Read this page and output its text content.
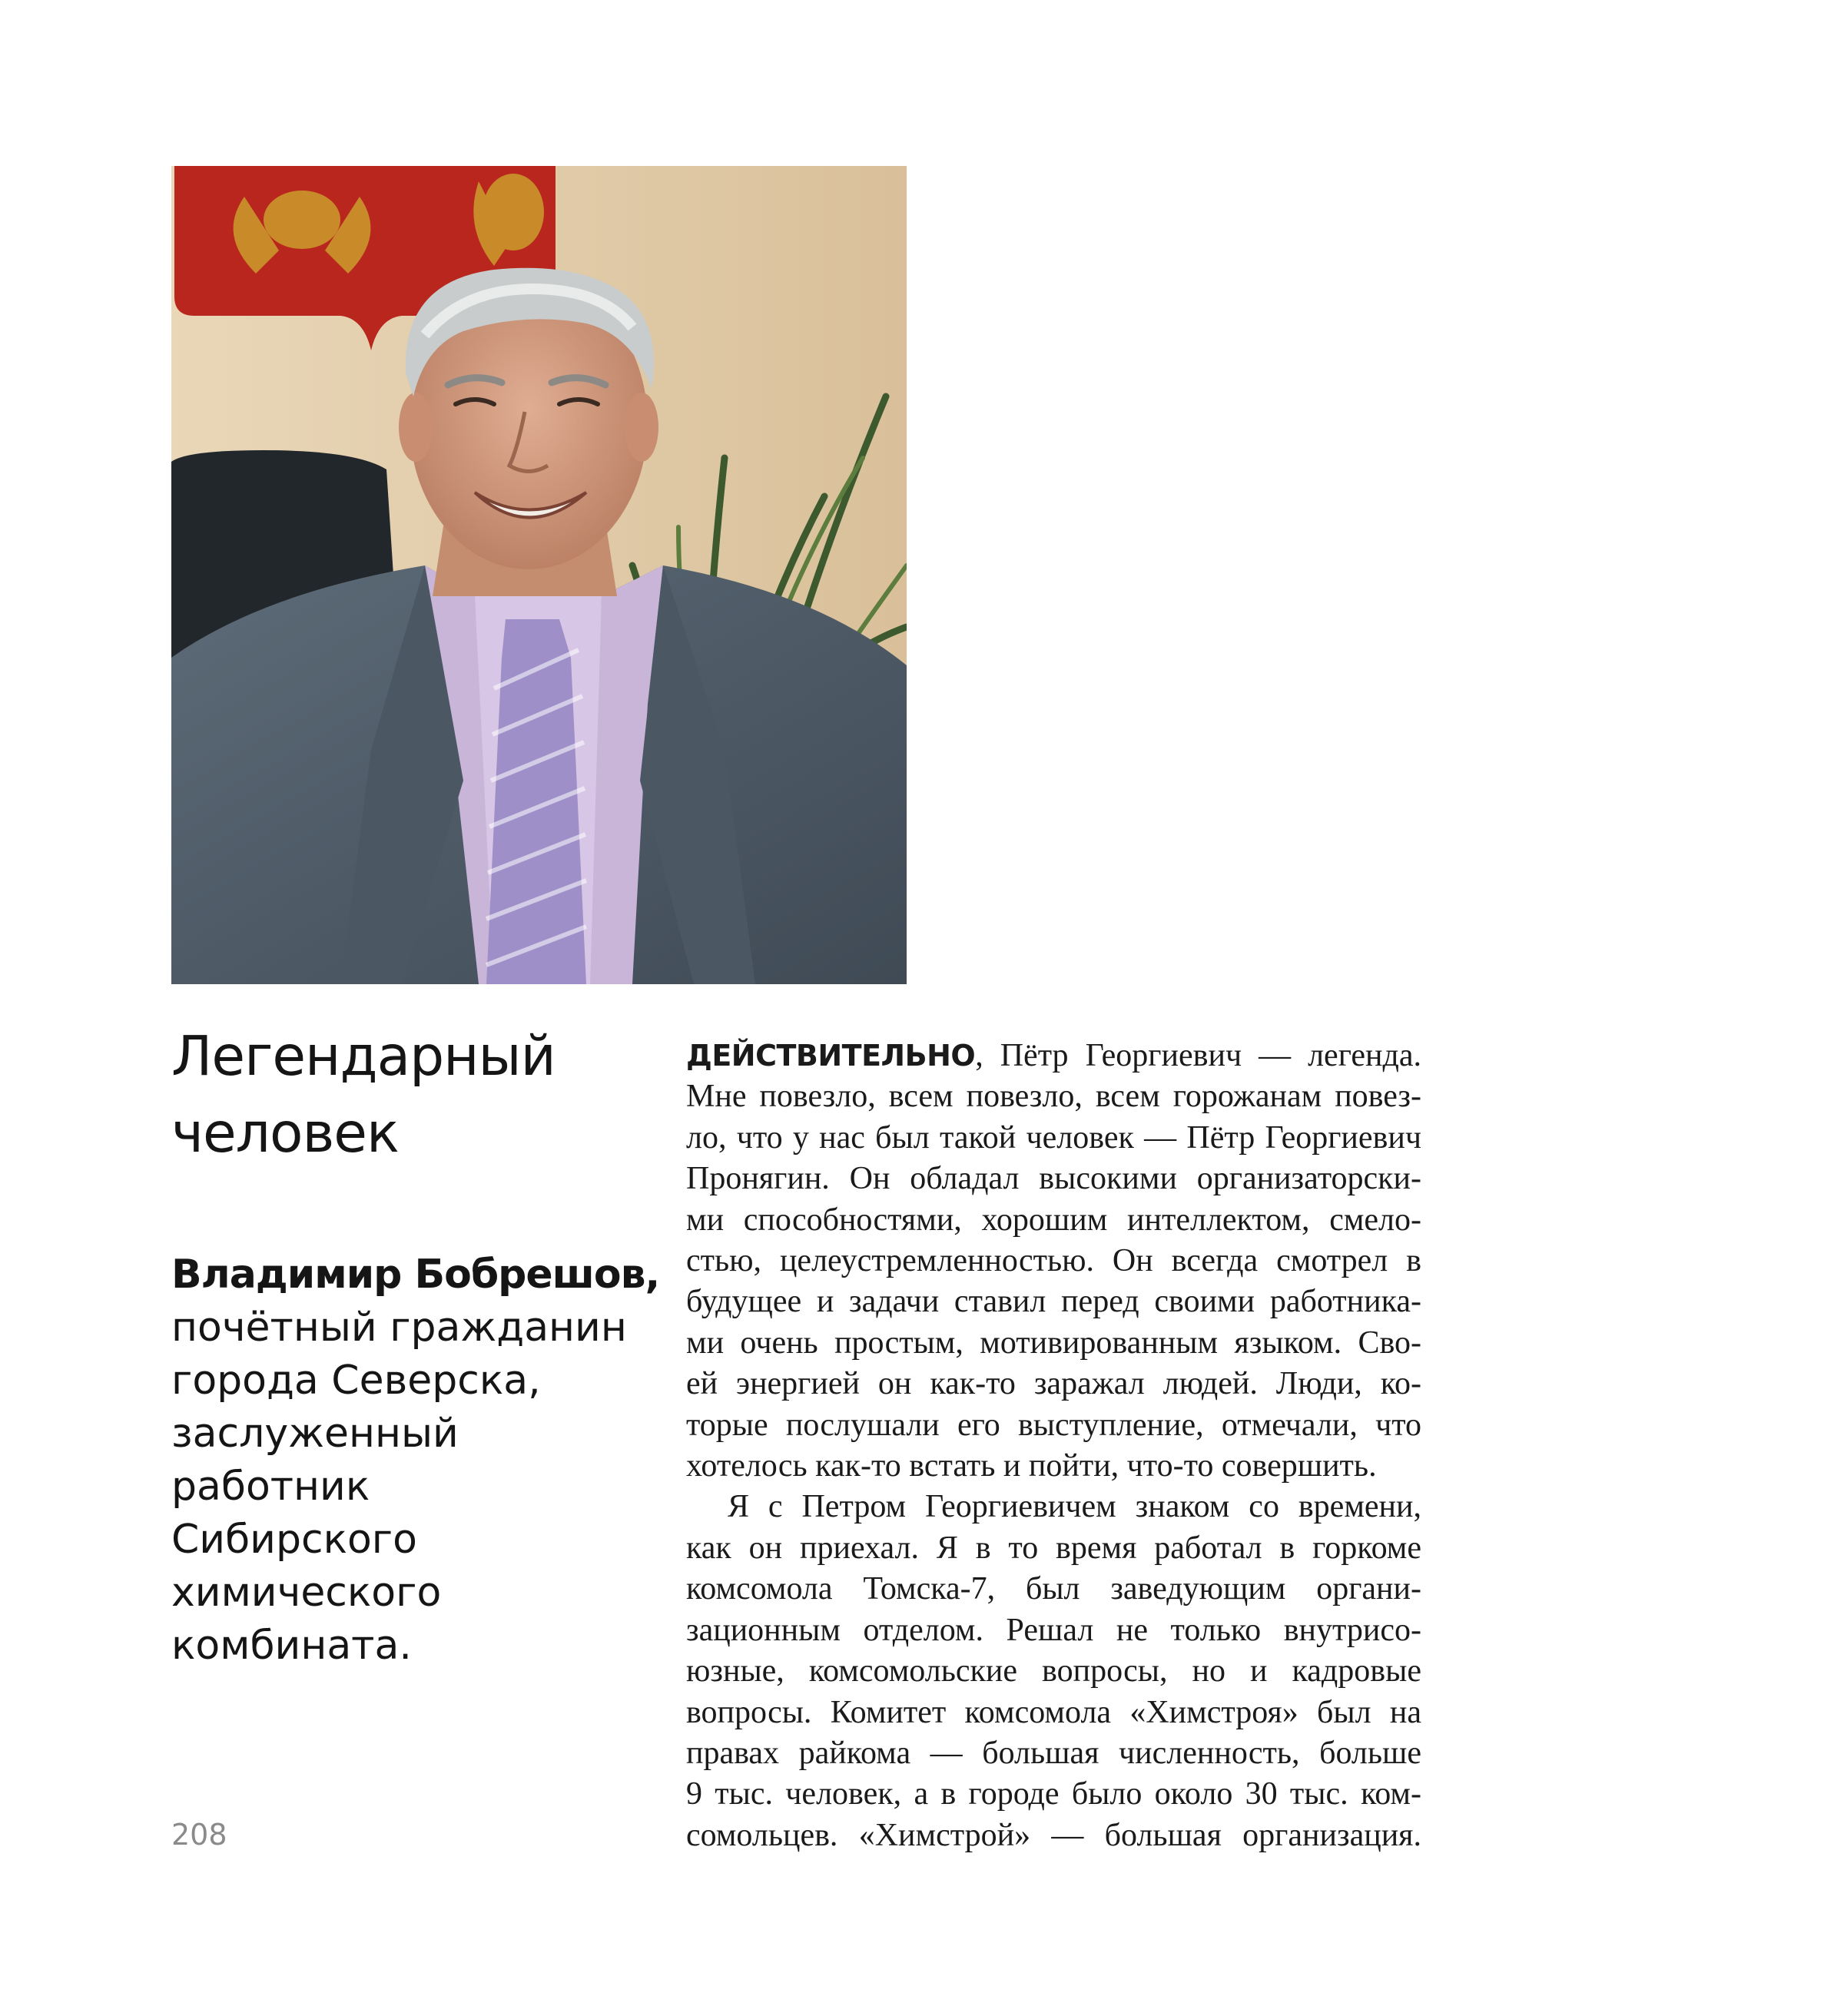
Легендарный
человек
Владимир Бобрешов,
почётный гражданин
города Северска,
заслуженный
работник
Сибирского
химического
комбината.
208
ДЕЙСТВИТЕЛЬНО, Пётр Георгиевич — легенда.
Мне повезло, всем повезло, всем горожанам повез-
ло, что у нас был такой человек — Пётр Георгиевич
Пронягин. Он обладал высокими организаторски-
ми способностями, хорошим интеллектом, смело-
стью, целеустремленностью. Он всегда смотрел в
будущее и задачи ставил перед своими работника-
ми очень простым, мотивированным языком. Сво-
ей энергией он как-то заражал людей. Люди, ко-
торые послушали его выступление, отмечали, что
хотелось как-то встать и пойти, что-то совершить.
Я с Петром Георгиевичем знаком со времени,
как он приехал. Я в то время работал в горкоме
комсомола Томска-7, был заведующим органи-
зационным отделом. Решал не только внутрисо-
юзные, комсомольские вопросы, но и кадровые
вопросы. Комитет комсомола «Химстроя» был на
правах райкома — большая численность, больше
9 тыс. человек, а в городе было около 30 тыс. ком-
сомольцев. «Химстрой» — большая организация.
